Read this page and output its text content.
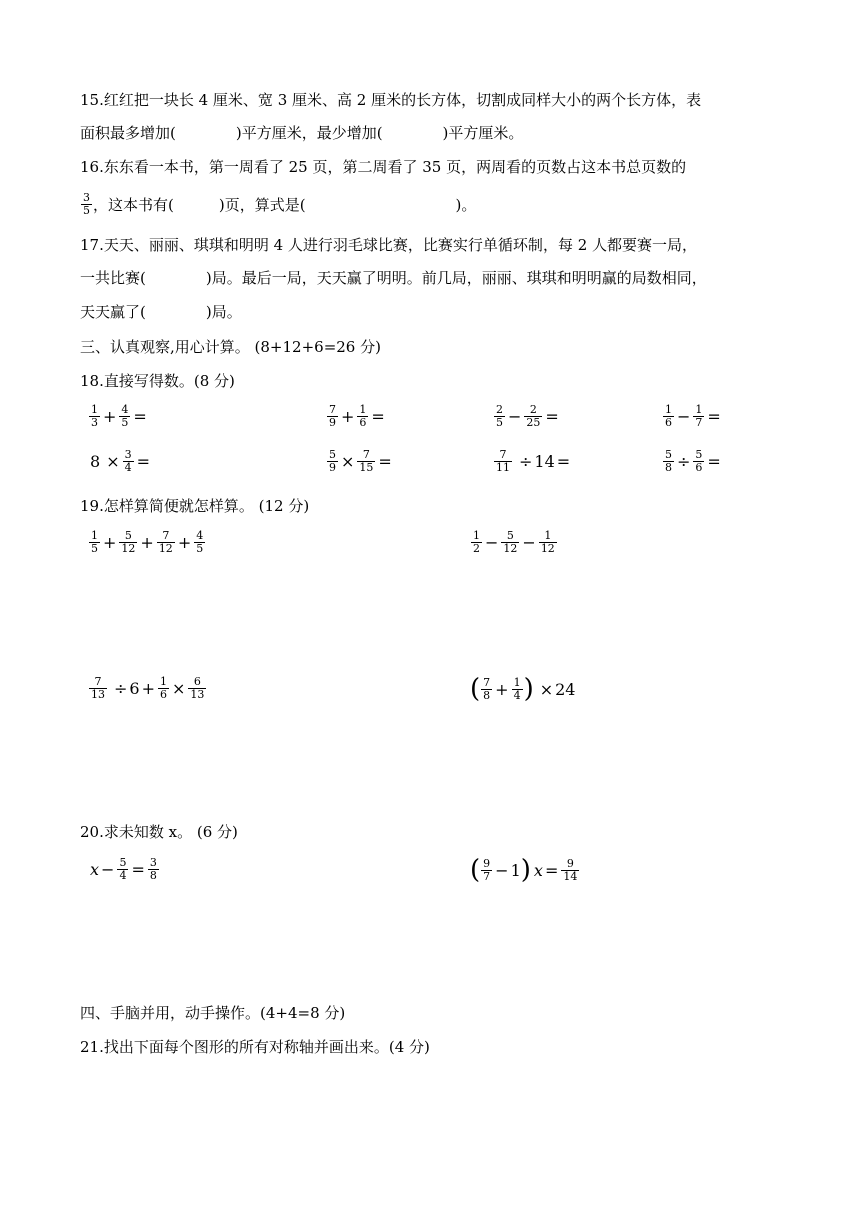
15.红红把一块长 4 厘米、宽 3 厘米、高 2 厘米的长方体，切割成同样大小的两个长方体，表
面积最多增加(　　　　)平方厘米，最少增加(　　　　)平方厘米。
16.东东看一本书，第一周看了 25 页，第二周看了 35 页，两周看的页数占这本书总页数的
$\frac{3}{5}$ ，这本书有(　　　)页，算式是(　　　　　　　　　　)。
17.天天、丽丽、琪琪和明明 4 人进行羽毛球比赛，比赛实行单循环制，每 2 人都要赛一局，
一共比赛(　　　　)局。最后一局，天天赢了明明。前几局，丽丽、琪琪和明明赢的局数相同，
天天赢了(　　　　)局。
三、认真观察,用心计算。 (8+12+6=26 分)
18.直接写得数。(8 分)
$\frac{1}{3} + \frac{4}{5}$ =	$\frac{7}{9} + \frac{1}{6}$ =	$\frac{2}{5} - \frac{2}{25}$ =	$\frac{1}{6} - \frac{1}{7}$ =
$8 \times \frac{3}{4}$ =	$\frac{5}{9} \times \frac{7}{15}$ =	$\frac{7}{11} \div 14$ =	$\frac{5}{8} \div \frac{5}{6}$ =
19.怎样算简便就怎样算。 (12 分)
$\frac{1}{5} + \frac{5}{12} + \frac{7}{12} + \frac{4}{5}$	$\frac{1}{2} - \frac{5}{12} - \frac{1}{12}$
$\frac{7}{13} \div 6 + \frac{1}{6} \times \frac{6}{13}$	( $\frac{7}{8} + \frac{1}{4}$ ) × 24
20.求未知数 x。 (6 分)
$x - \frac{5}{4} = \frac{3}{8}$	( $\frac{9}{7} - 1$ ) $x = \frac{9}{14}$
四、手脑并用，动手操作。(4+4=8 分)
21.找出下面每个图形的所有对称轴并画出来。(4 分)
